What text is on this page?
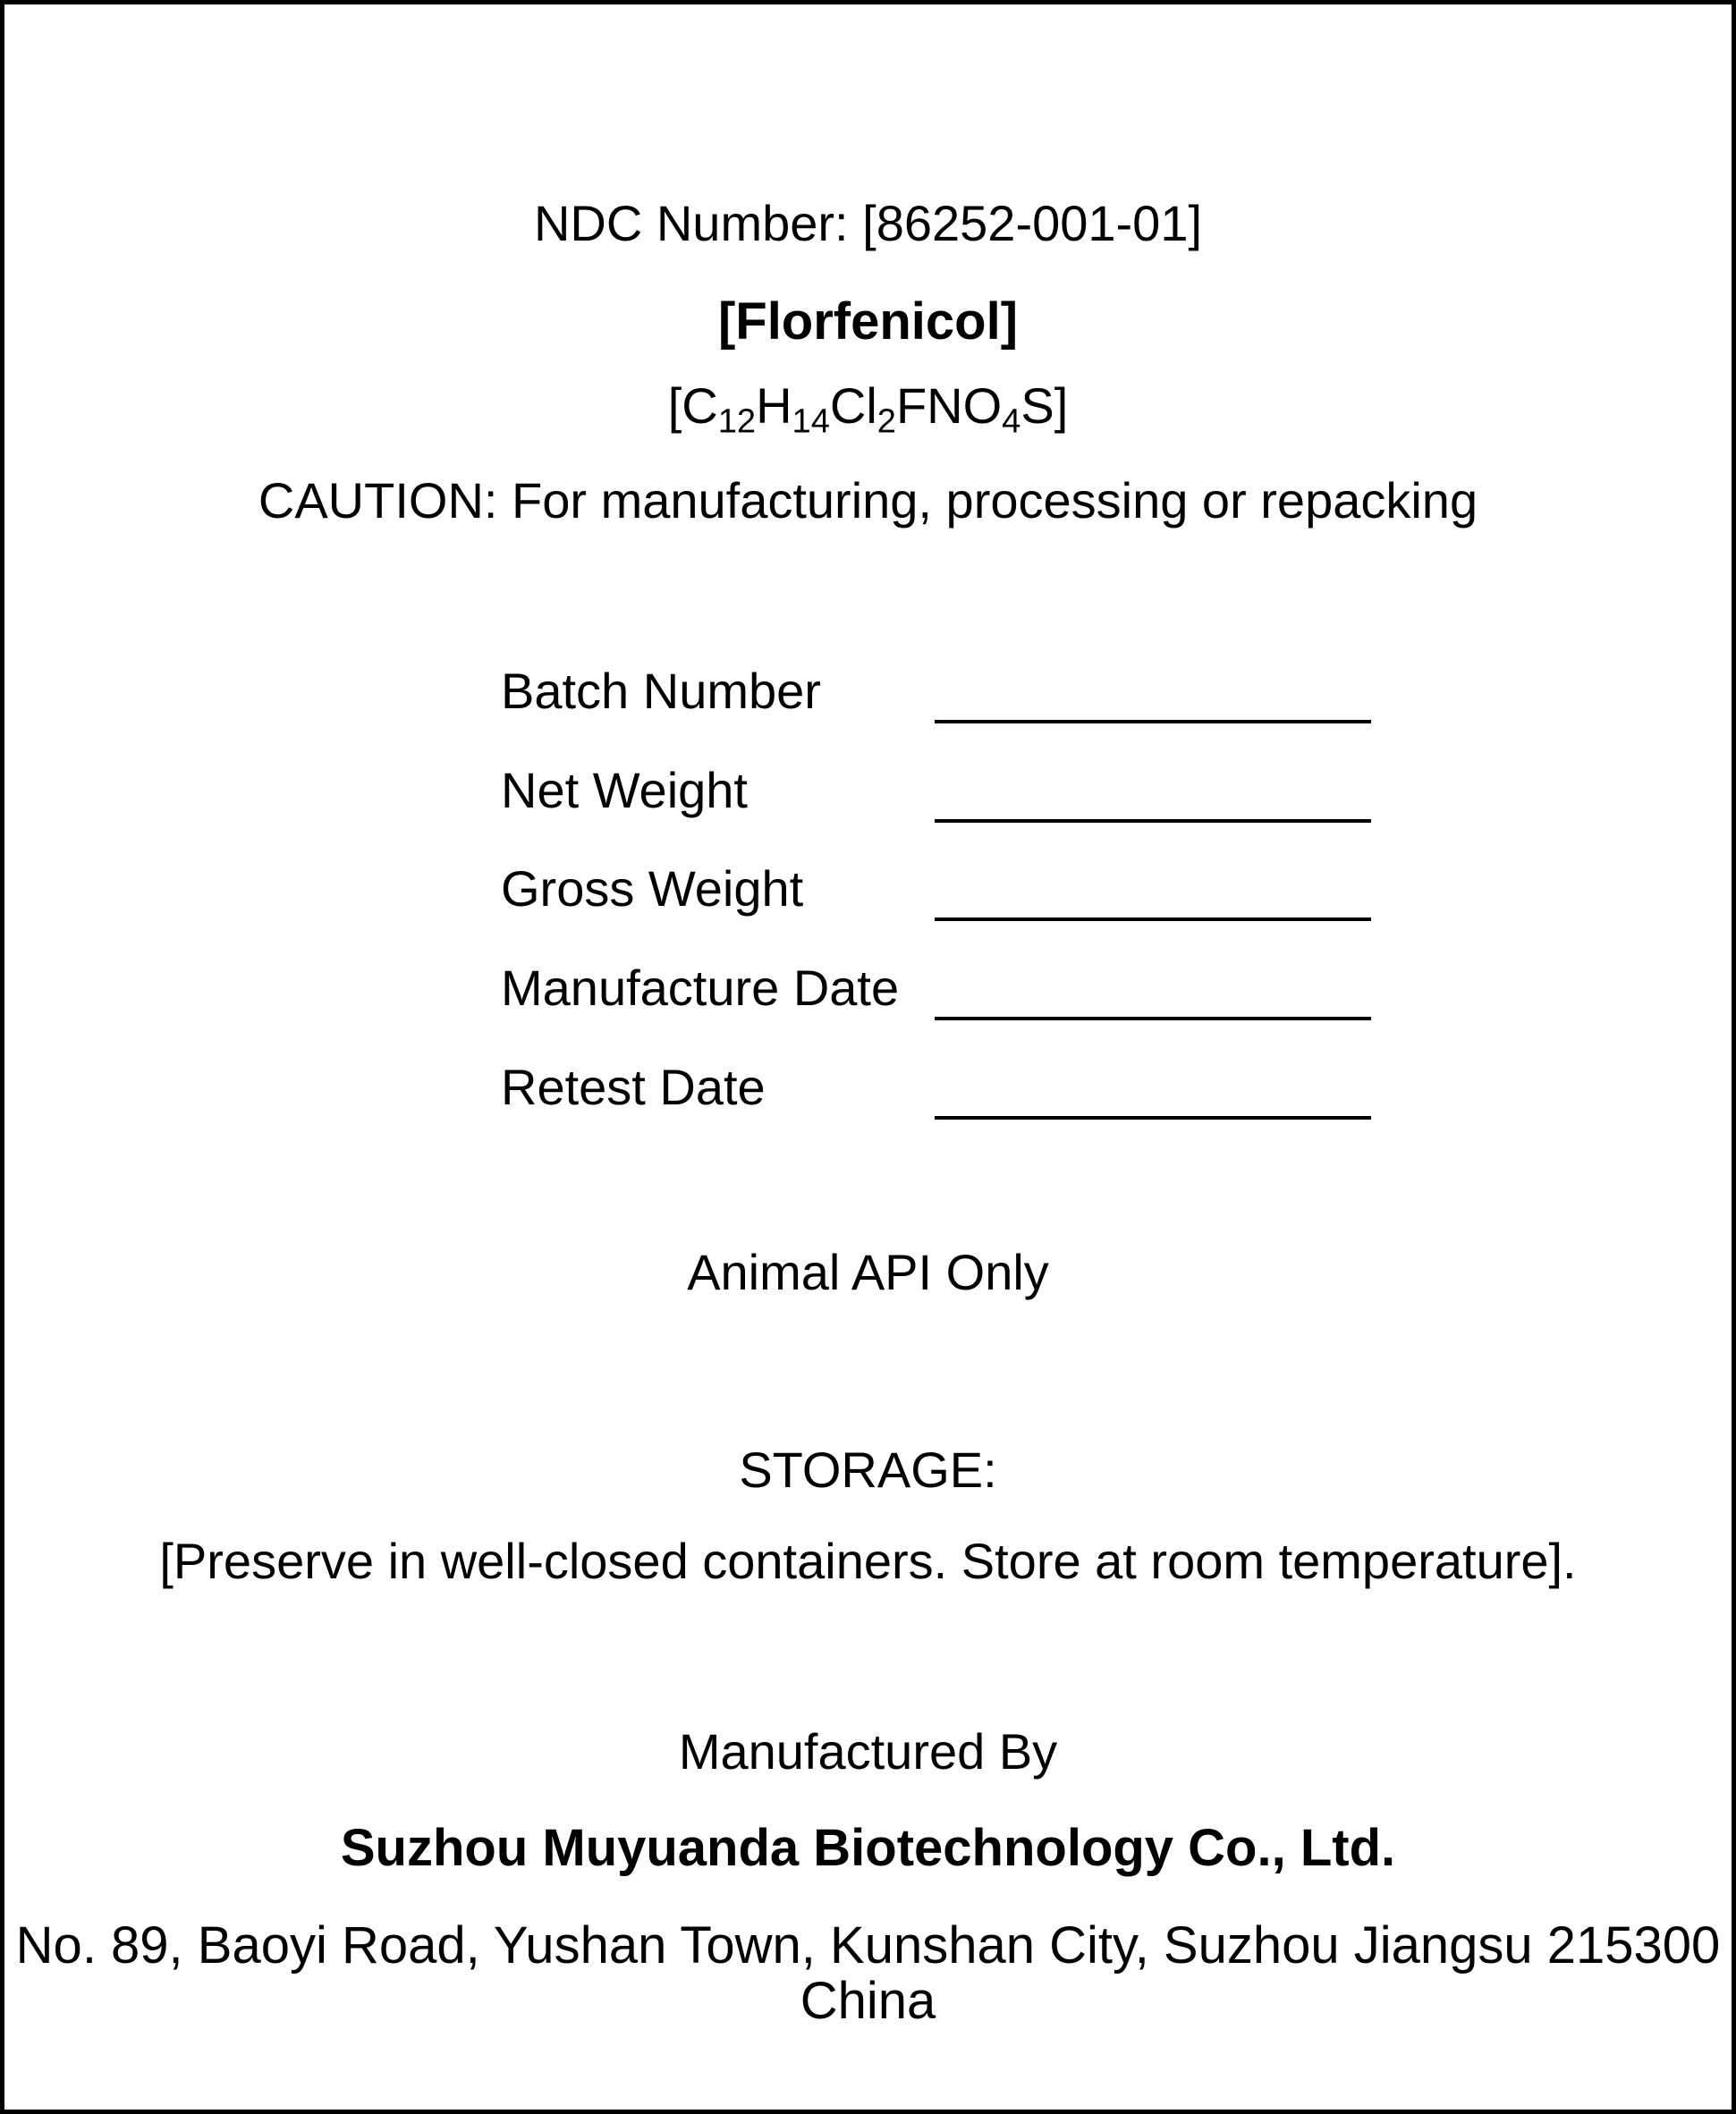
NDC Number: [86252-001-01]
[Florfenicol]
$[C_{12}H_{14}Cl_2FNO_4S]$
CAUTION: For manufacturing, processing or repacking
Batch Number
Net Weight
Gross Weight
Manufacture Date
Retest Date
Animal API Only
STORAGE:
[Preserve in well-closed containers. Store at room temperature].
Manufactured By
Suzhou Muyuanda Biotechnology Co., Ltd.
No. 89, Baoyi Road, Yushan Town, Kunshan City, Suzhou Jiangsu 215300
China
